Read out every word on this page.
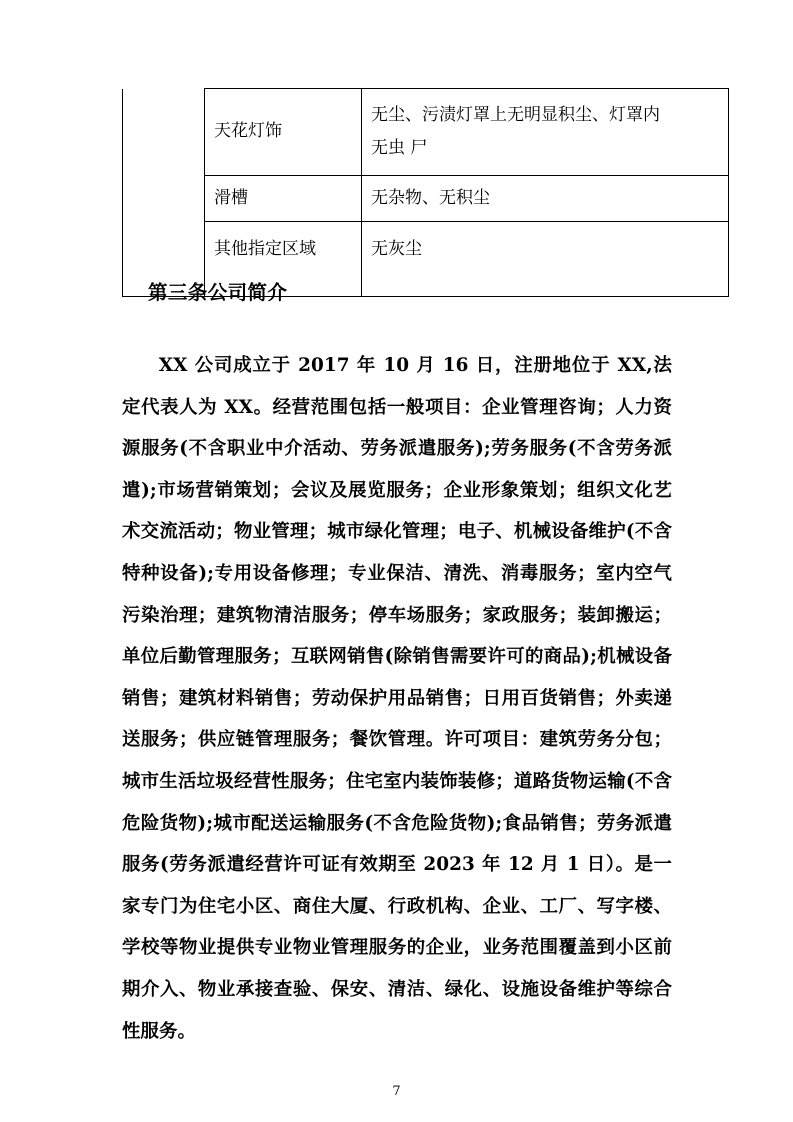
	天花灯饰	无尘、污渍灯罩上无明显积尘、灯罩内
无虫 尸

	滑槽	无杂物、无积尘

	其他指定区域	无灰尘
第三条公司简介

XX 公司成立于 2017 年 10 月 16 日，注册地位于 XX,法定代表人为 XX。经营范围包括一般项目：企业管理咨询；人力资源服务(不含职业中介活动、劳务派遣服务);劳务服务(不含劳务派遣);市场营销策划；会议及展览服务；企业形象策划；组织文化艺术交流活动；物业管理；城市绿化管理；电子、机械设备维护(不含特种设备);专用设备修理；专业保洁、清洗、消毒服务；室内空气污染治理；建筑物清洁服务；停车场服务；家政服务；装卸搬运；单位后勤管理服务；互联网销售(除销售需要许可的商品);机械设备销售；建筑材料销售；劳动保护用品销售；日用百货销售；外卖递送服务；供应链管理服务；餐饮管理。许可项目：建筑劳务分包；城市生活垃圾经营性服务；住宅室内装饰装修；道路货物运输(不含危险货物);城市配送运输服务(不含危险货物);食品销售；劳务派遣服务(劳务派遣经营许可证有效期至 2023 年 12 月 1 日）。是一家专门为住宅小区、商住大厦、行政机构、企业、工厂、写字楼、学校等物业提供专业物业管理服务的企业，业务范围覆盖到小区前期介入、物业承接查验、保安、清洁、绿化、设施设备维护等综合性服务。

7
